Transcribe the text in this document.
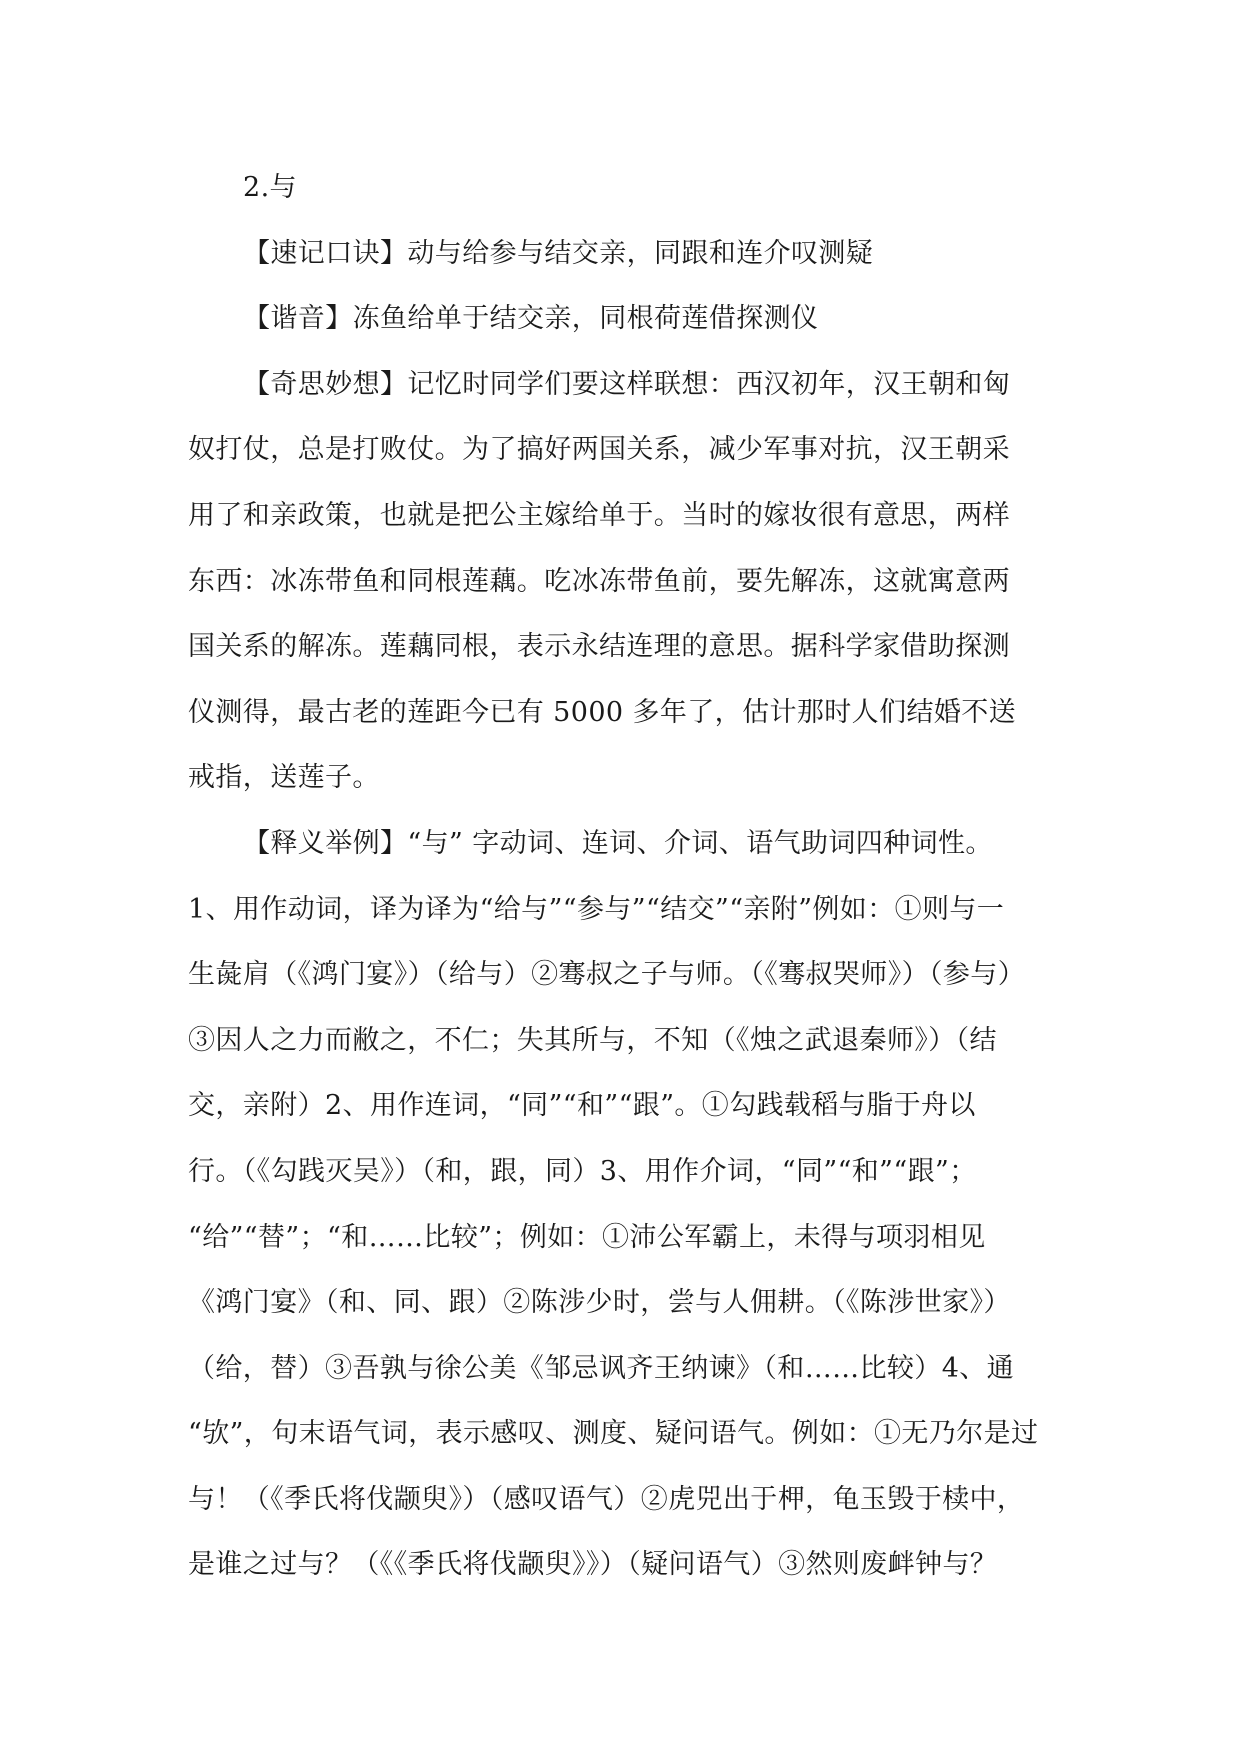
2.与
【速记口诀】动与给参与结交亲，同跟和连介叹测疑
【谐音】冻鱼给单于结交亲，同根荷莲借探测仪
【奇思妙想】记忆时同学们要这样联想：西汉初年，汉王朝和匈
奴打仗，总是打败仗。为了搞好两国关系，减少军事对抗，汉王朝采
用了和亲政策，也就是把公主嫁给单于。当时的嫁妆很有意思，两样
东西：冰冻带鱼和同根莲藕。吃冰冻带鱼前，要先解冻，这就寓意两
国关系的解冻。莲藕同根，表示永结连理的意思。据科学家借助探测
仪测得，最古老的莲距今已有 5000 多年了，估计那时人们结婚不送
戒指，送莲子。
【释义举例】“与” 字动词、连词、介词、语气助词四种词性。
1、用作动词，译为译为“给与”“参与”“结交”“亲附”例如：①则与一
生彘肩（《鸿门宴》）（给与）②骞叔之子与师。（《骞叔哭师》）（参与）
③因人之力而敝之，不仁；失其所与，不知（《烛之武退秦师》）（结
交，亲附）2、用作连词，“同”“和”“跟”。①勾践载稻与脂于舟以
行。（《勾践灭吴》）（和，跟，同）3、用作介词，“同”“和”“跟”；
“给”“替”；“和……比较”；例如：①沛公军霸上，未得与项羽相见
《鸿门宴》（和、同、跟）②陈涉少时，尝与人佣耕。（《陈涉世家》）
（给，替）③吾孰与徐公美《邹忌讽齐王纳谏》（和……比较）4、通
“欤”，句末语气词，表示感叹、测度、疑问语气。例如：①无乃尔是过
与！（《季氏将伐颛臾》）（感叹语气）②虎兕出于柙，龟玉毁于椟中，
是谁之过与？（《《季氏将伐颛臾》》）（疑问语气）③然则废衅钟与？
